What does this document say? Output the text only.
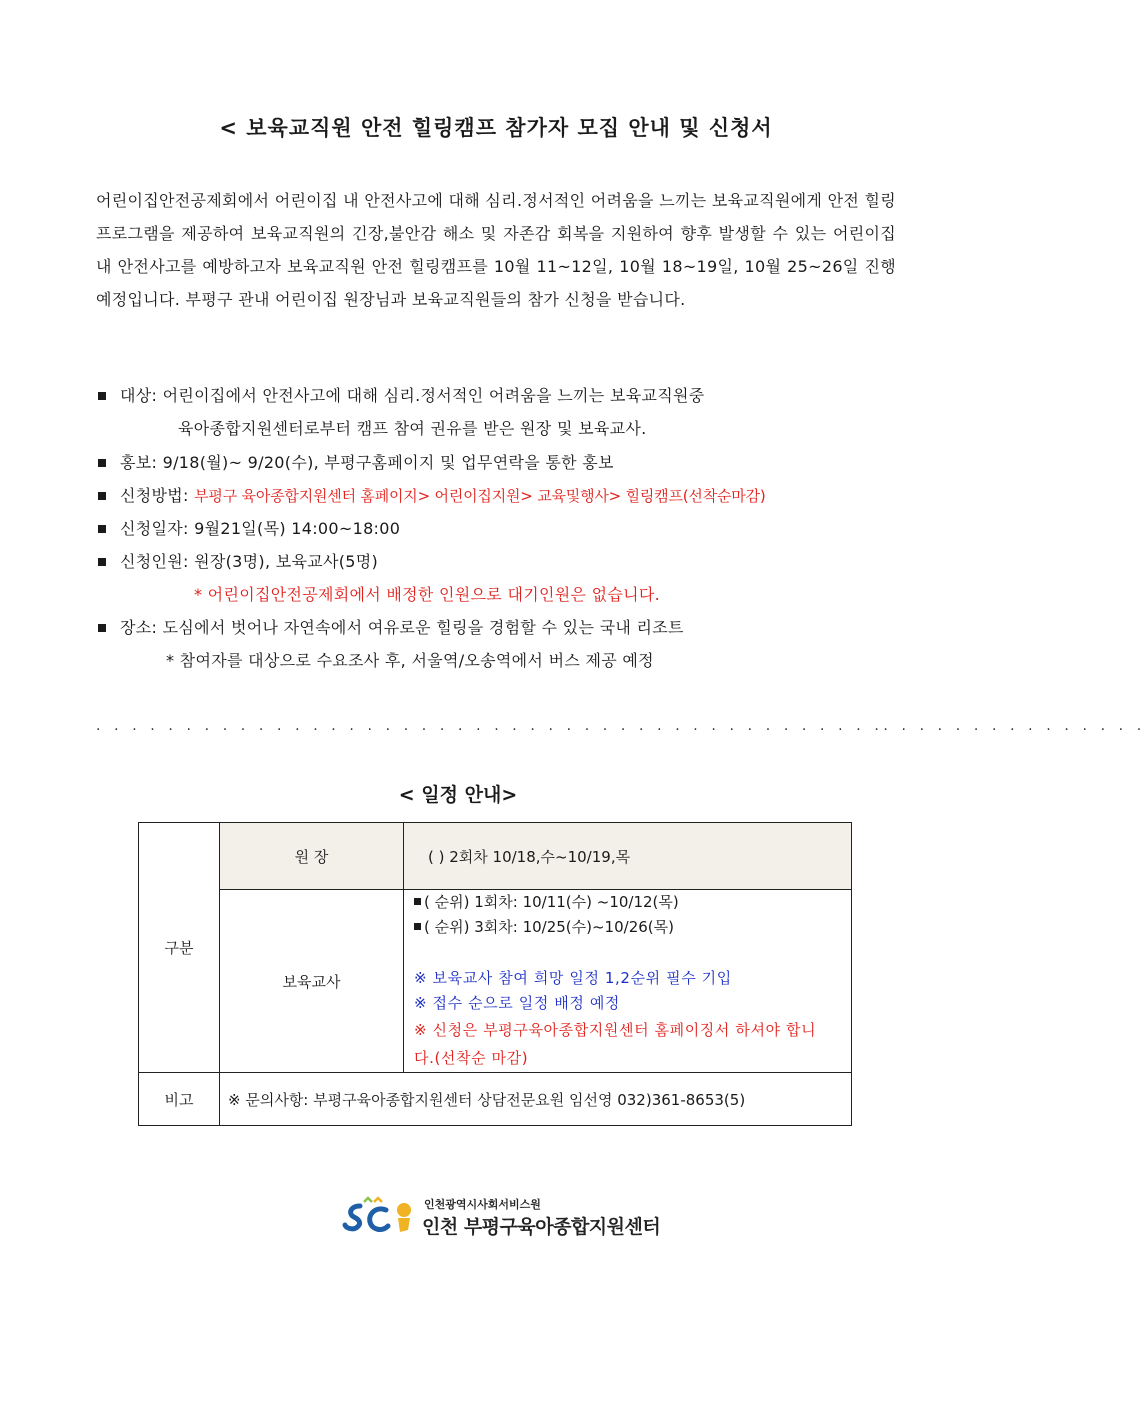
< 보육교직원 안전 힐링캠프 참가자 모집 안내 및 신청서
어린이집안전공제회에서 어린이집 내 안전사고에 대해 심리.정서적인 어려움을 느끼는 보육교직원에게 안전 힐링 프로그램을 제공하여 보육교직원의 긴장,불안감 해소 및 자존감 회복을 지원하여 향후 발생할 수 있는 어린이집 내 안전사고를 예방하고자 보육교직원 안전 힐링캠프를 10월 11~12일, 10월 18~19일, 10월 25~26일 진행예정입니다. 부평구 관내 어린이집 원장님과 보육교직원들의 참가 신청을 받습니다.
대상: 어린이집에서 안전사고에 대해 심리.정서적인 어려움을 느끼는 보육교직원중
육아종합지원센터로부터 캠프 참여 권유를 받은 원장 및 보육교사.
홍보: 9/18(월)~ 9/20(수), 부평구홈페이지 및 업무연락을 통한 홍보
신청방법: 부평구 육아종합지원센터 홈페이지> 어린이집지원> 교육및행사> 힐링캠프(선착순마감)
신청일자: 9월21일(목) 14:00~18:00
신청인원: 원장(3명), 보육교사(5명)
* 어린이집안전공제회에서 배정한 인원으로 대기인원은 없습니다.
장소: 도심에서 벗어나 자연속에서 여유로운 힐링을 경험할 수 있는 국내 리조트
* 참여자를 대상으로 수요조사 후, 서울역/오송역에서 버스 제공 예정
. . . . . . . . . . . . . . . . . . . . . . . . . . . . . . . . . . . . . . . . . . . .. . . . . . . . . . . . . . .
< 일정 안내>
구분	원 장	( ) 2회차 10/18,수~10/19,목
	보육교사	( 순위) 1회차: 10/11(수) ~10/12(목)
( 순위) 3회차: 10/25(수)~10/26(목)
※ 보육교사 참여 희망 일정 1,2순위 필수 기입
※ 접수 순으로 일정 배정 예정
※ 신청은 부평구육아종합지원센터 홈페이징서 하셔야 합니다.(선착순 마감)

비고	※ 문의사항: 부평구육아종합지원센터 상담전문요원 임선영 032)361-8653(5)	
인천광역시사회서비스원
인천 부평구육아종합지원센터
